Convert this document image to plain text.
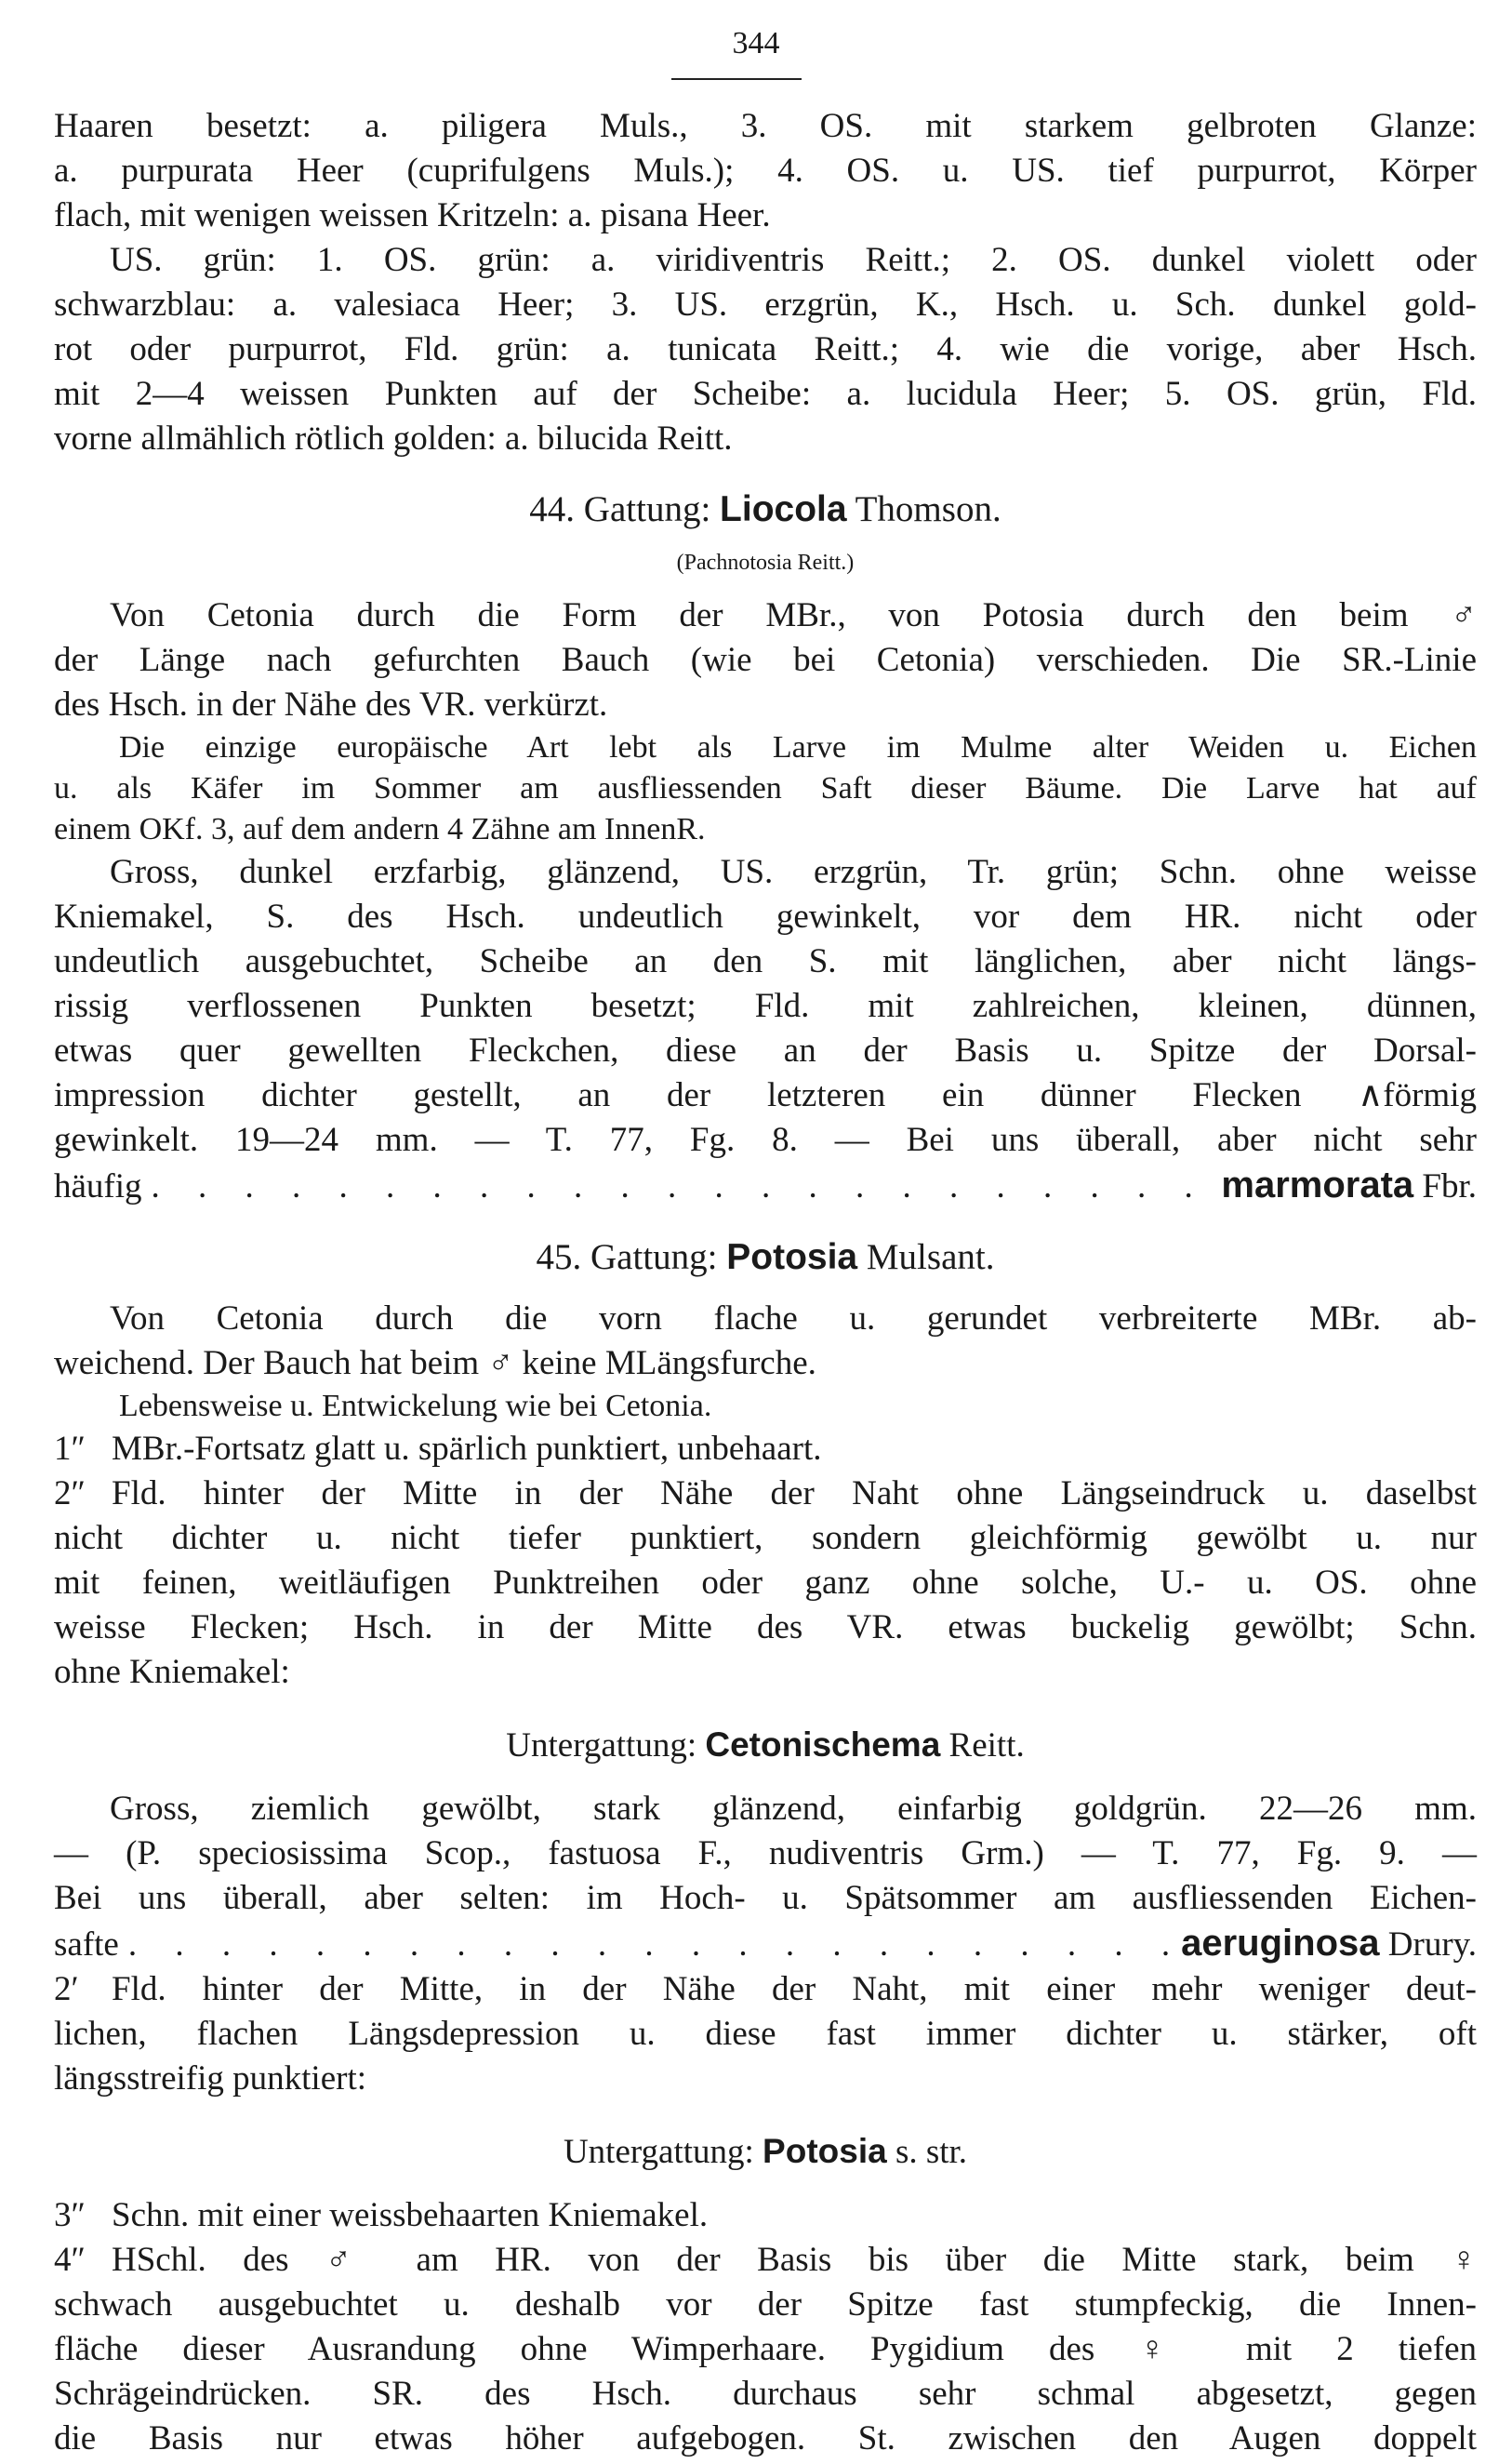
344

Haaren besetzt: a. piligera Muls., 3. OS. mit starkem gelbroten Glanze:

a. purpurata Heer (cuprifulgens Muls.); 4. OS. u. US. tief purpurrot, Körper

flach, mit wenigen weissen Kritzeln: a. pisana Heer.

US. grün: 1. OS. grün: a. viridiventris Reitt.; 2. OS. dunkel violett oder

schwarzblau: a. valesiaca Heer; 3. US. erzgrün, K., Hsch. u. Sch. dunkel gold-

rot oder purpurrot, Fld. grün: a. tunicata Reitt.; 4. wie die vorige, aber Hsch.

mit 2—4 weissen Punkten auf der Scheibe: a. lucidula Heer; 5. OS. grün, Fld.

vorne allmählich rötlich golden: a. bilucida Reitt.

44. Gattung: Liocola Thomson.

(Pachnotosia Reitt.)

Von Cetonia durch die Form der MBr., von Potosia durch den beim ♂

der Länge nach gefurchten Bauch (wie bei Cetonia) verschieden. Die SR.-Linie

des Hsch. in der Nähe des VR. verkürzt.

Die einzige europäische Art lebt als Larve im Mulme alter Weiden u. Eichen

u. als Käfer im Sommer am ausfliessenden Saft dieser Bäume. Die Larve hat auf

einem OKf. 3, auf dem andern 4 Zähne am InnenR.

Gross, dunkel erzfarbig, glänzend, US. erzgrün, Tr. grün; Schn. ohne weisse

Kniemakel, S. des Hsch. undeutlich gewinkelt, vor dem HR. nicht oder

undeutlich ausgebuchtet, Scheibe an den S. mit länglichen, aber nicht längs-

rissig verflossenen Punkten besetzt; Fld. mit zahlreichen, kleinen, dünnen,

etwas quer gewellten Fleckchen, diese an der Basis u. Spitze der Dorsal-

impression dichter gestellt, an der letzteren ein dünner Flecken ∧förmig

gewinkelt. 19—24 mm. — T. 77, Fg. 8. — Bei uns überall, aber nicht sehr

häufig . . .	marmorata
Fbr.

45. Gattung: Potosia Mulsant.

Von Cetonia durch die vorn flache u. gerundet verbreiterte MBr. ab-

weichend. Der Bauch hat beim ♂ keine MLängsfurche.

Lebensweise u. Entwickelung wie bei Cetonia.

1″ MBr.-Fortsatz glatt u. spärlich punktiert, unbehaart.

2″ Fld. hinter der Mitte in der Nähe der Naht ohne Längseindruck u. daselbst

nicht dichter u. nicht tiefer punktiert, sondern gleichförmig gewölbt u. nur

mit feinen, weitläufigen Punktreihen oder ganz ohne solche, U.- u. OS. ohne

weisse Flecken; Hsch. in der Mitte des VR. etwas buckelig gewölbt; Schn.

ohne Kniemakel:

Untergattung: Cetonischema Reitt.

Gross, ziemlich gewölbt, stark glänzend, einfarbig goldgrün. 22—26 mm.

— (P. speciosissima Scop., fastuosa F., nudiventris Grm.) — T. 77, Fg. 9. —

Bei uns überall, aber selten: im Hoch- u. Spätsommer am ausfliessenden Eichen-

safte . . .	aeruginosa
Drury.

2′ Fld. hinter der Mitte, in der Nähe der Naht, mit einer mehr weniger deut-

lichen, flachen Längsdepression u. diese fast immer dichter u. stärker, oft

längsstreifig punktiert:

Untergattung: Potosia s. str.

3″ Schn. mit einer weissbehaarten Kniemakel.

4″ HSchl. des ♂ am HR. von der Basis bis über die Mitte stark, beim ♀

schwach ausgebuchtet u. deshalb vor der Spitze fast stumpfeckig, die Innen-

fläche dieser Ausrandung ohne Wimperhaare. Pygidium des ♀ mit 2 tiefen

Schrägeindrücken. SR. des Hsch. durchaus sehr schmal abgesetzt, gegen

die Basis nur etwas höher aufgebogen. St. zwischen den Augen doppelt
